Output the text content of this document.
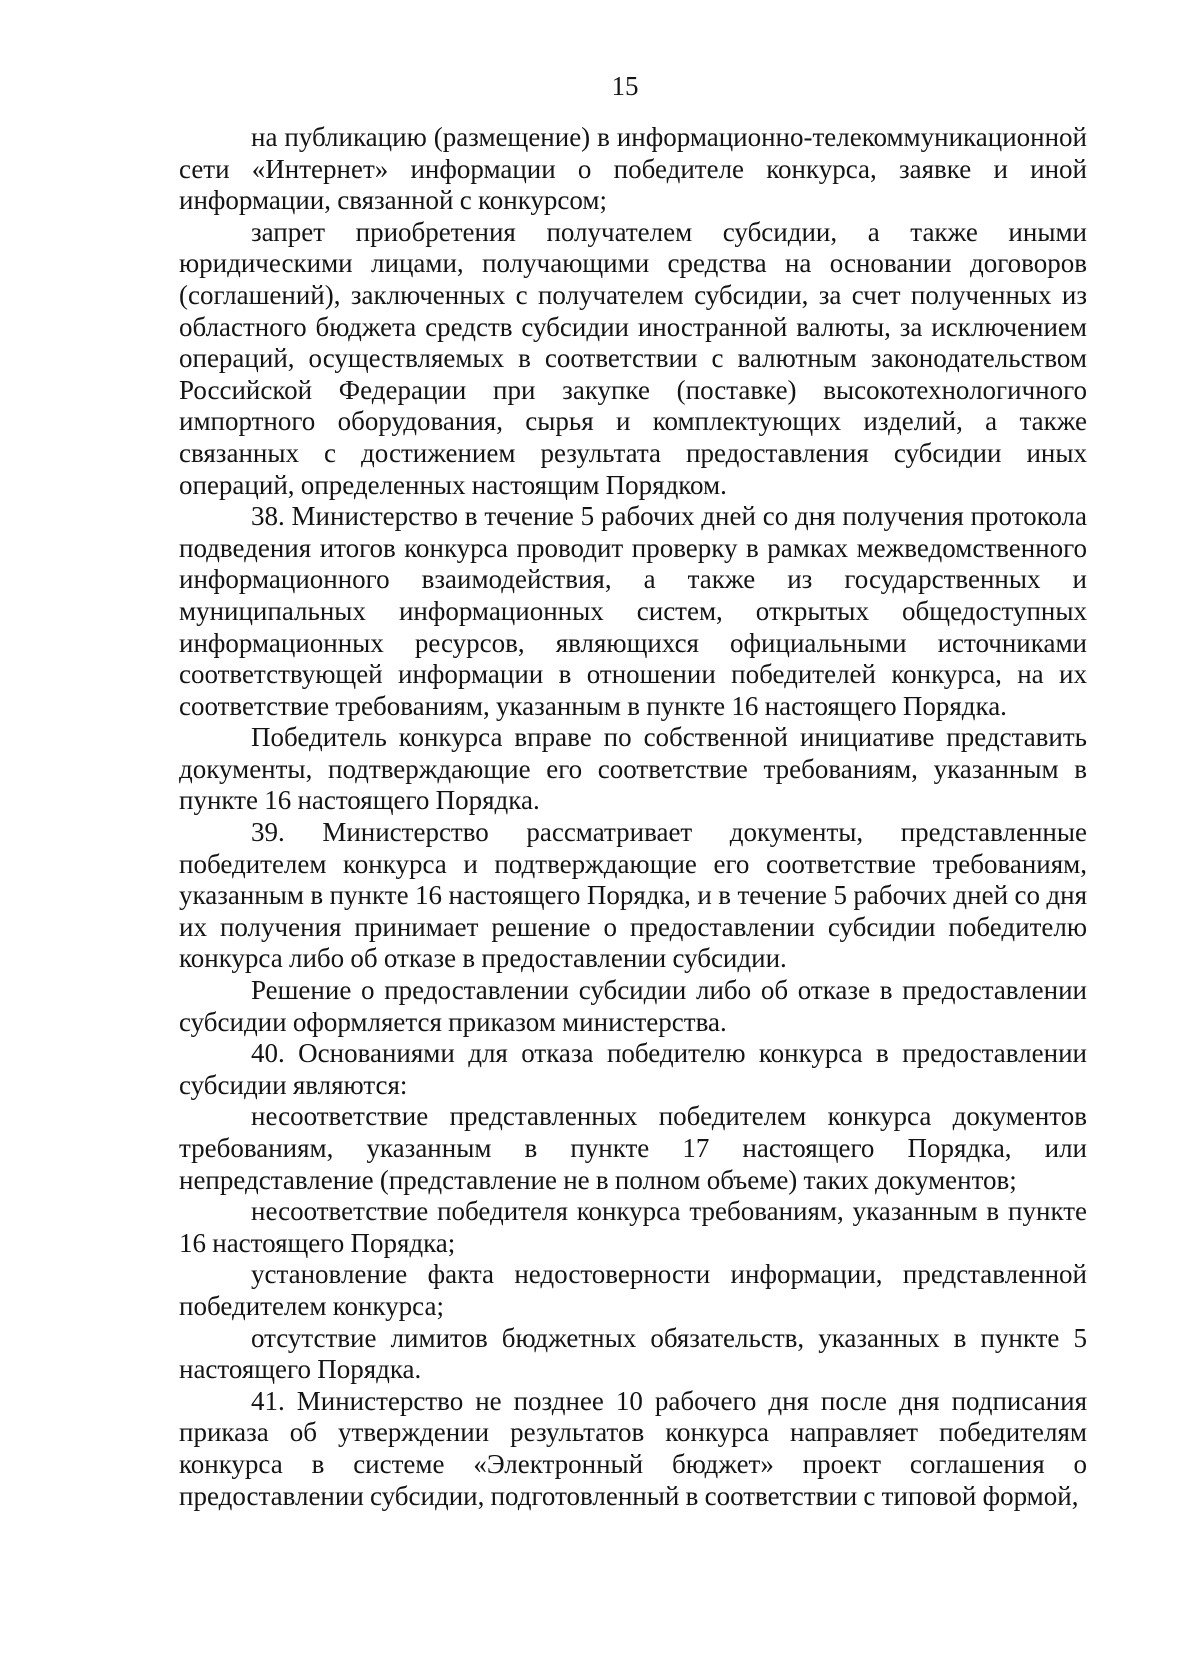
15

на публикацию (размещение) в информационно-телекоммуникационной сети «Интернет» информации о победителе конкурса, заявке и иной информации, связанной с конкурсом;

запрет приобретения получателем субсидии, а также иными юридическими лицами, получающими средства на основании договоров (соглашений), заключенных с получателем субсидии, за счет полученных из областного бюджета средств субсидии иностранной валюты, за исключением операций, осуществляемых в соответствии с валютным законодательством Российской Федерации при закупке (поставке) высокотехнологичного импортного оборудования, сырья и комплектующих изделий, а также связанных с достижением результата предоставления субсидии иных операций, определенных настоящим Порядком.

38. Министерство в течение 5 рабочих дней со дня получения протокола подведения итогов конкурса проводит проверку в рамках межведомственного информационного взаимодействия, а также из государственных и муниципальных информационных систем, открытых общедоступных информационных ресурсов, являющихся официальными источниками соответствующей информации в отношении победителей конкурса, на их соответствие требованиям, указанным в пункте 16 настоящего Порядка.

Победитель конкурса вправе по собственной инициативе представить документы, подтверждающие его соответствие требованиям, указанным в пункте 16 настоящего Порядка.

39. Министерство рассматривает документы, представленные победителем конкурса и подтверждающие его соответствие требованиям, указанным в пункте 16 настоящего Порядка, и в течение 5 рабочих дней со дня их получения принимает решение о предоставлении субсидии победителю конкурса либо об отказе в предоставлении субсидии.

Решение о предоставлении субсидии либо об отказе в предоставлении субсидии оформляется приказом министерства.

40. Основаниями для отказа победителю конкурса в предоставлении субсидии являются:

несоответствие представленных победителем конкурса документов требованиям, указанным в пункте 17 настоящего Порядка, или непредставление (представление не в полном объеме) таких документов;

несоответствие победителя конкурса требованиям, указанным в пункте 16 настоящего Порядка;

установление факта недостоверности информации, представленной победителем конкурса;

отсутствие лимитов бюджетных обязательств, указанных в пункте 5 настоящего Порядка.

41. Министерство не позднее 10 рабочего дня после дня подписания приказа об утверждении результатов конкурса направляет победителям конкурса в системе «Электронный бюджет» проект соглашения о предоставлении субсидии, подготовленный в соответствии с типовой формой,
